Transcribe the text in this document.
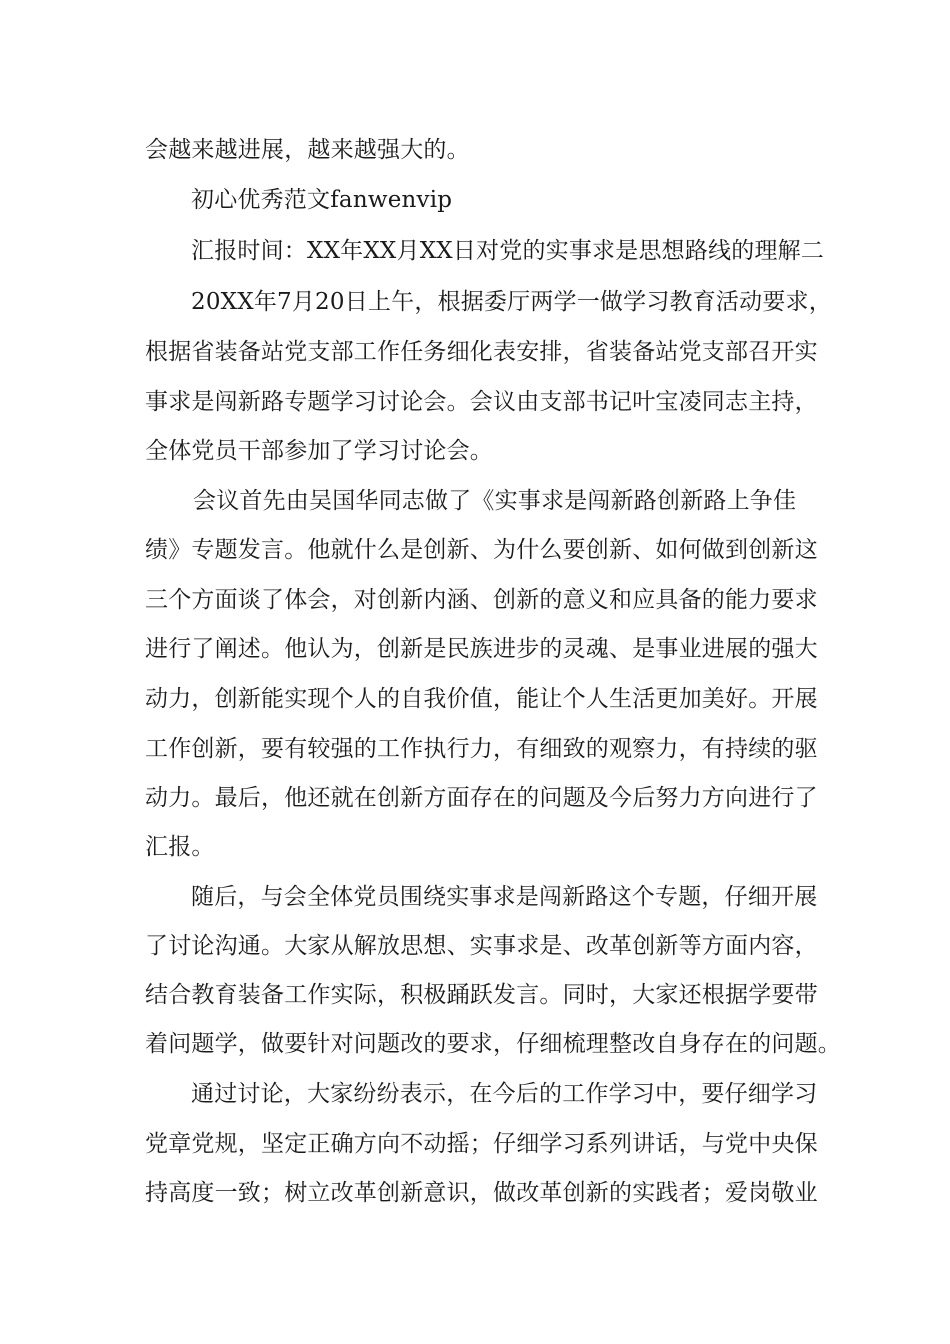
会越来越进展，越来越强大的。
初心优秀范文fanwenvip
汇报时间：XX年XX月XX日对党的实事求是思想路线的理解二
20XX年7月20日上午，根据委厅两学一做学习教育活动要求，
根据省装备站党支部工作任务细化表安排，省装备站党支部召开实
事求是闯新路专题学习讨论会。会议由支部书记叶宝凌同志主持，
全体党员干部参加了学习讨论会。
会议首先由吴国华同志做了《实事求是闯新路创新路上争佳
绩》专题发言。他就什么是创新、为什么要创新、如何做到创新这
三个方面谈了体会，对创新内涵、创新的意义和应具备的能力要求
进行了阐述。他认为，创新是民族进步的灵魂、是事业进展的强大
动力，创新能实现个人的自我价值，能让个人生活更加美好。开展
工作创新，要有较强的工作执行力，有细致的观察力，有持续的驱
动力。最后，他还就在创新方面存在的问题及今后努力方向进行了
汇报。
随后，与会全体党员围绕实事求是闯新路这个专题，仔细开展
了讨论沟通。大家从解放思想、实事求是、改革创新等方面内容，
结合教育装备工作实际，积极踊跃发言。同时，大家还根据学要带
着问题学，做要针对问题改的要求，仔细梳理整改自身存在的问题。
通过讨论，大家纷纷表示，在今后的工作学习中，要仔细学习
党章党规，坚定正确方向不动摇；仔细学习系列讲话，与党中央保
持高度一致；树立改革创新意识，做改革创新的实践者；爱岗敬业
